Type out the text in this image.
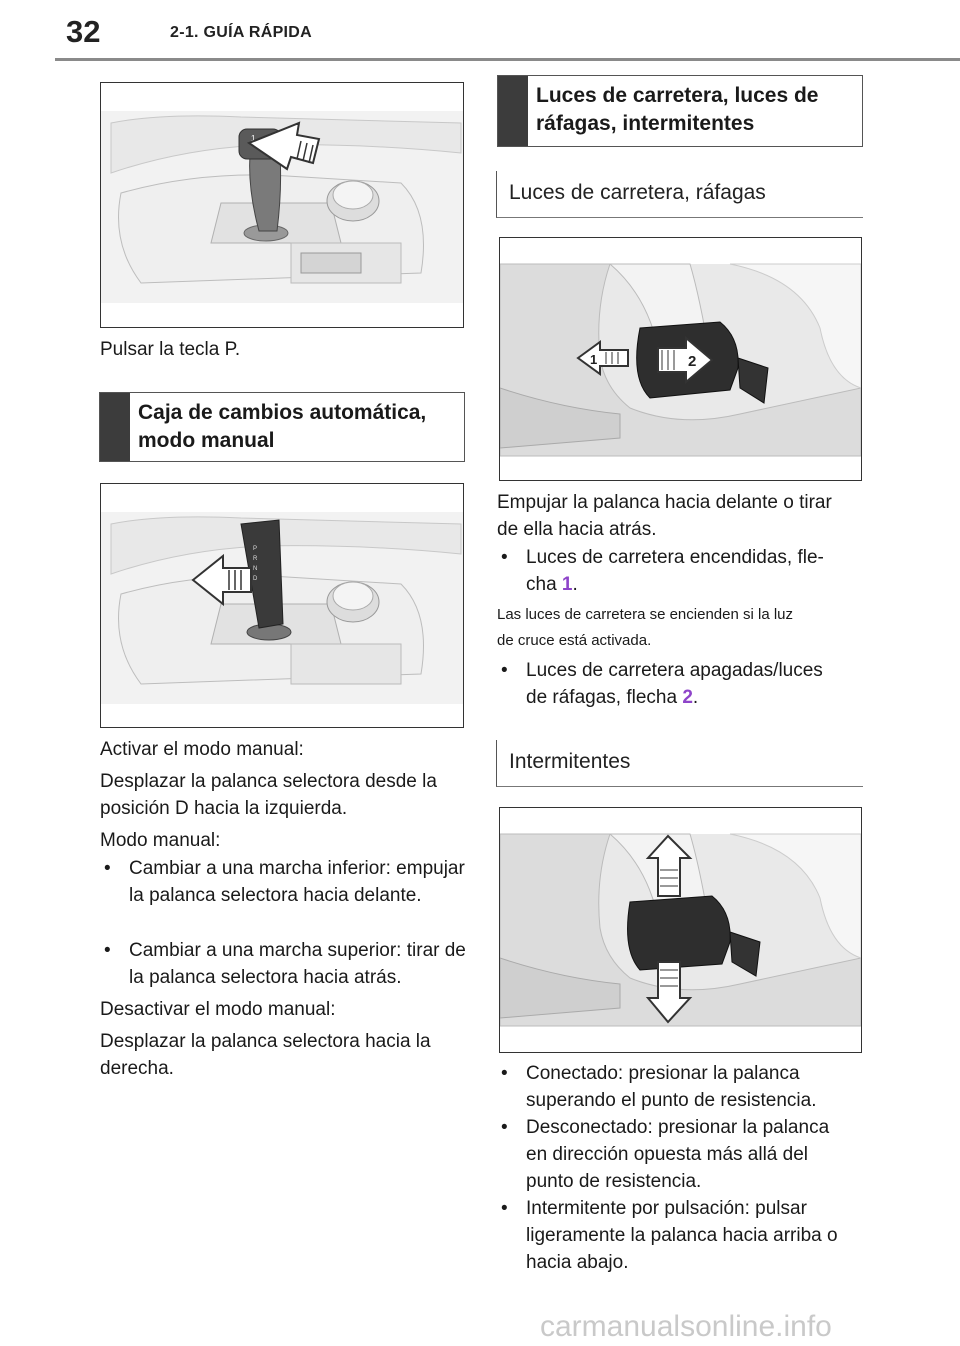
32	2-1. GUÍA RÁPIDA
1
Pulsar la tecla P.
Caja de cambios automática,
modo manual
P
R
N
D
Activar el modo manual:
Desplazar la palanca selectora desde la posición D hacia la izquierda.
Modo manual:
• Cambiar a una marcha inferior: empujar la palanca selectora hacia delante.
• Cambiar a una marcha superior: tirar de la palanca selectora hacia atrás.
Desactivar el modo manual:
Desplazar la palanca selectora hacia la derecha.
Luces de carretera, luces de
ráfagas, intermitentes
Luces de carretera, ráfagas
1	2
Empujar la palanca hacia delante o tirar
de ella hacia atrás.
• Luces de carretera encendidas, fle-
cha 1.
Las luces de carretera se encienden si la luz
de cruce está activada.
• Luces de carretera apagadas/luces
de ráfagas, flecha 2.
Intermitentes
• Conectado: presionar la palanca
superando el punto de resistencia.
• Desconectado: presionar la palanca
en dirección opuesta más allá del
punto de resistencia.
• Intermitente por pulsación: pulsar
ligeramente la palanca hacia arriba o
hacia abajo.
carmanualsonline.info
